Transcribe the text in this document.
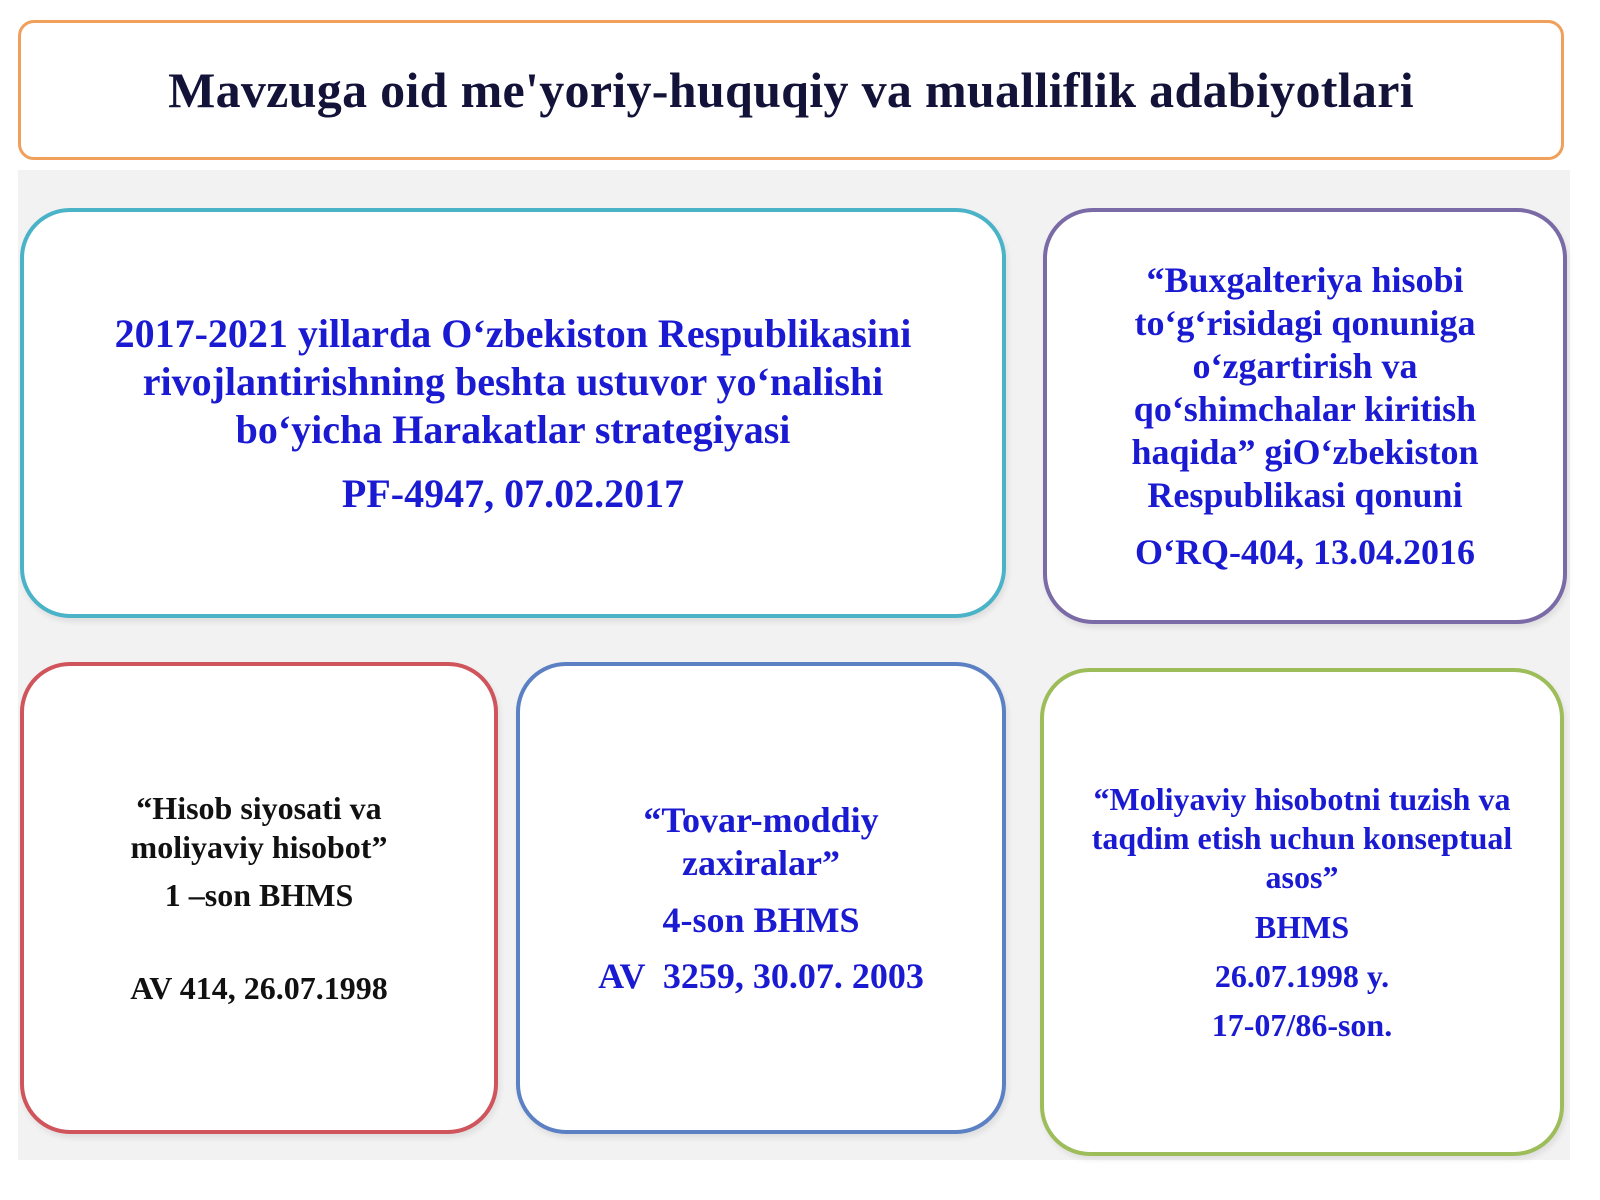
Mavzuga oid me'yoriy-huquqiy va mualliflik adabiyotlari
2017-2021 yillarda O‘zbekiston Respublikasini
rivojlantirishning beshta ustuvor yo‘nalishi
bo‘yicha Harakatlar strategiyasi
PF-4947, 07.02.2017
“Buxgalteriya hisobi
to‘g‘risidagi qonuniga
o‘zgartirish va
qo‘shimchalar kiritish
haqida” giO‘zbekiston
Respublikasi qonuni
O‘RQ-404, 13.04.2016
“Hisob siyosati va
moliyaviy hisobot”
1 –son BHMS
AV 414, 26.07.1998
“Tovar-moddiy
zaxiralar”
4-son BHMS
AV  3259, 30.07. 2003
“Moliyaviy hisobotni tuzish va
taqdim etish uchun konseptual
asos”
BHMS
26.07.1998 y.
17-07/86-son.
